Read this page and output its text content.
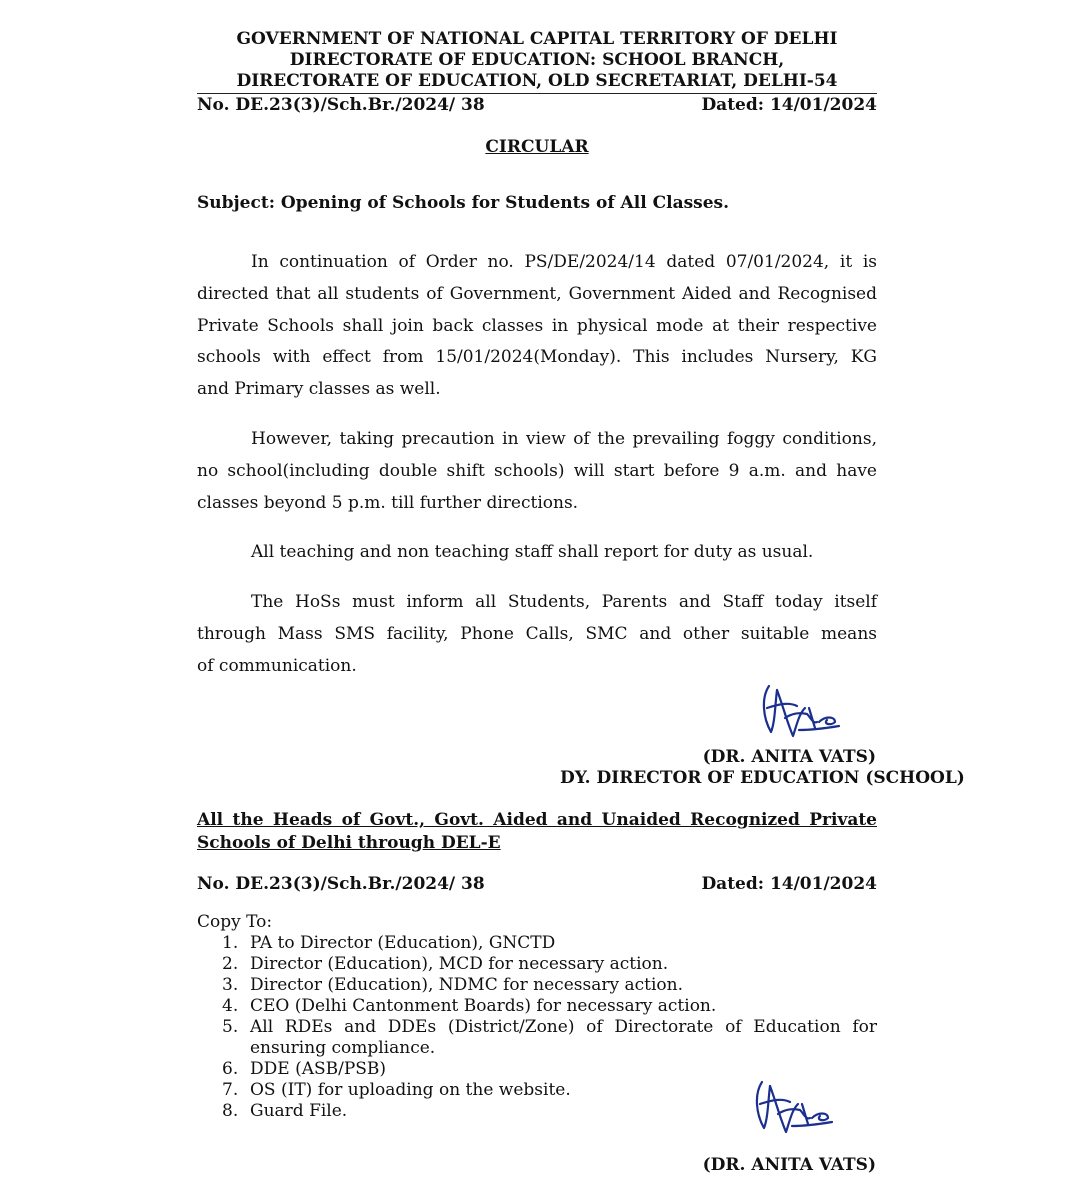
GOVERNMENT OF NATIONAL CAPITAL TERRITORY OF DELHI
DIRECTORATE OF EDUCATION: SCHOOL BRANCH,
DIRECTORATE OF EDUCATION, OLD SECRETARIAT, DELHI-54
No. DE.23(3)/Sch.Br./2024/ 38	Dated: 14/01/2024
CIRCULAR
Subject: Opening of Schools for Students of All Classes.
In continuation of Order no. PS/DE/2024/14 dated 07/01/2024, it is
directed that all students of Government, Government Aided and Recognised
Private Schools shall join back classes in physical mode at their respective
schools with effect from 15/01/2024(Monday). This includes Nursery, KG
and Primary classes as well.
However, taking precaution in view of the prevailing foggy conditions,
no school(including double shift schools) will start before 9 a.m. and have
classes beyond 5 p.m. till further directions.
All teaching and non teaching staff shall report for duty as usual.
The HoSs must inform all Students, Parents and Staff today itself
through Mass SMS facility, Phone Calls, SMC and other suitable means
of communication.
(DR. ANITA VATS)
DY. DIRECTOR OF EDUCATION (SCHOOL)
All the Heads of Govt., Govt. Aided and Unaided Recognized Private
Schools of Delhi through DEL-E
No. DE.23(3)/Sch.Br./2024/ 38	Dated: 14/01/2024
Copy To:
1. PA to Director (Education), GNCTD
2. Director (Education), MCD for necessary action.
3. Director (Education), NDMC for necessary action.
4. CEO (Delhi Cantonment Boards) for necessary action.
5. All RDEs and DDEs (District/Zone) of Directorate of Education for
ensuring compliance.
6. DDE (ASB/PSB)
7. OS (IT) for uploading on the website.
8. Guard File.
(DR. ANITA VATS)
